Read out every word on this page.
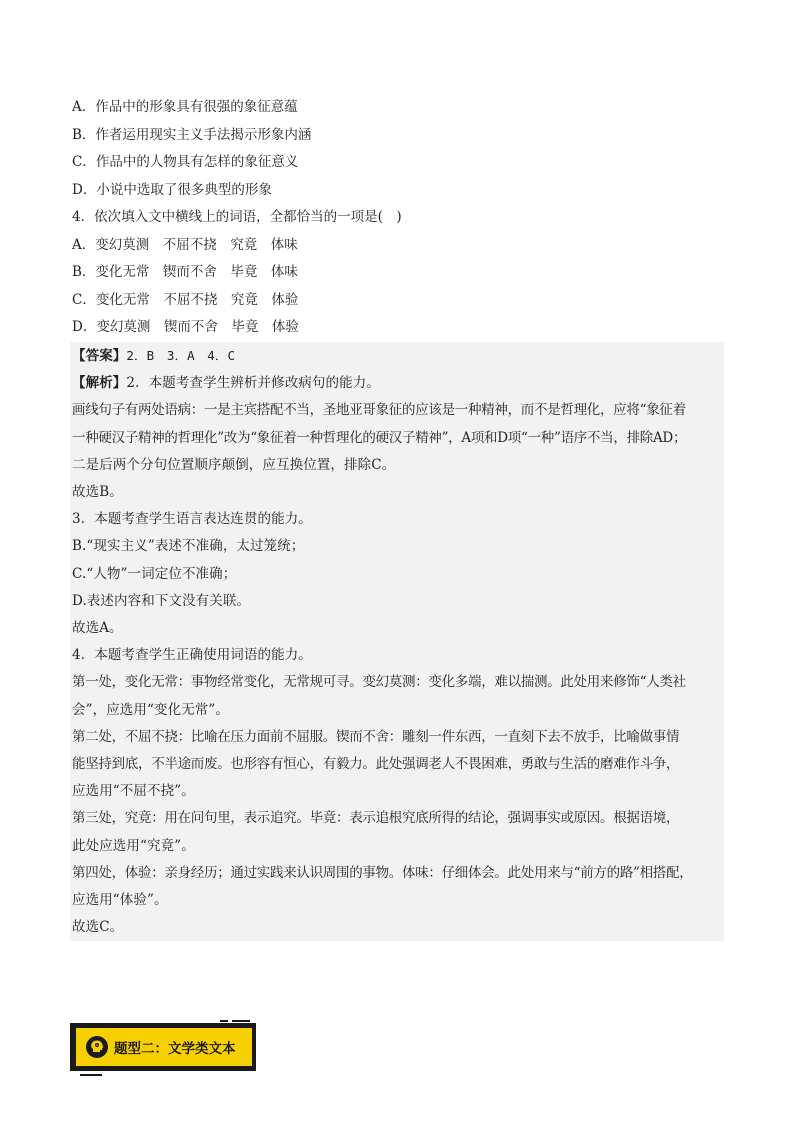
A．作品中的形象具有很强的象征意蕴
B．作者运用现实主义手法揭示形象内涵
C．作品中的人物具有怎样的象征意义
D．小说中选取了很多典型的形象
4．依次填入文中横线上的词语，全都恰当的一项是(　)
A．变幻莫测　不屈不挠　究竟　体味
B．变化无常　锲而不舍　毕竟　体味
C．变化无常　不屈不挠　究竟　体验
D．变幻莫测　锲而不舍　毕竟　体验
【答案】2．B　3．A　4．C
【解析】2．本题考查学生辨析并修改病句的能力。
画线句子有两处语病：一是主宾搭配不当，圣地亚哥象征的应该是一种精神，而不是哲理化，应将“象征着
一种硬汉子精神的哲理化”改为“象征着一种哲理化的硬汉子精神”，A项和D项“一种”语序不当，排除AD；
二是后两个分句位置顺序颠倒，应互换位置，排除C。
故选B。
3．本题考查学生语言表达连贯的能力。
B.“现实主义”表述不准确，太过笼统；
C.“人物”一词定位不准确；
D.表述内容和下文没有关联。
故选A。
4．本题考查学生正确使用词语的能力。
第一处，变化无常：事物经常变化，无常规可寻。变幻莫测：变化多端，难以揣测。此处用来修饰“人类社
会”，应选用“变化无常”。
第二处，不屈不挠：比喻在压力面前不屈服。锲而不舍：雕刻一件东西，一直刻下去不放手，比喻做事情
能坚持到底，不半途而废。也形容有恒心，有毅力。此处强调老人不畏困难，勇敢与生活的磨难作斗争，
应选用“不屈不挠”。
第三处，究竟：用在问句里，表示追究。毕竟：表示追根究底所得的结论，强调事实或原因。根据语境，
此处应选用“究竟”。
第四处，体验：亲身经历；通过实践来认识周围的事物。体味：仔细体会。此处用来与“前方的路”相搭配，
应选用“体验”。
故选C。
题型二：文学类文本
